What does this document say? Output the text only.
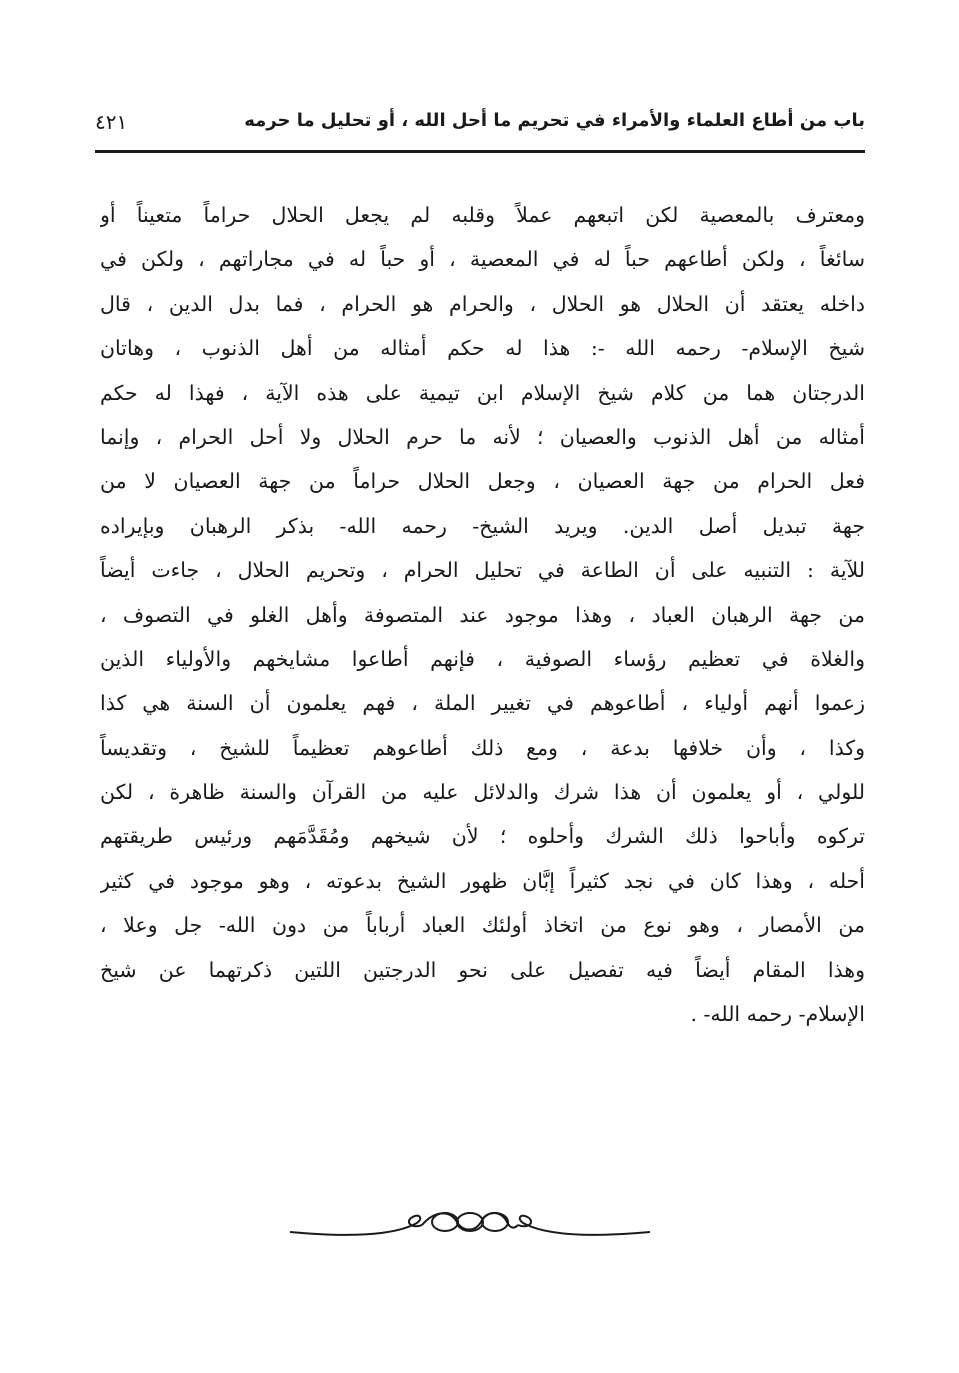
باب من أطاع العلماء والأمراء في تحريم ما أحل الله ، أو تحليل ما حرمه
٤٢١
ومعترف بالمعصية لكن اتبعهم عملاً وقلبه لم يجعل الحلال حراماً متعيناً أو
سائغاً ، ولكن أطاعهم حباً له في المعصية ، أو حباً له في مجاراتهم ، ولكن في
داخله يعتقد أن الحلال هو الحلال ، والحرام هو الحرام ، فما بدل الدين ، قال
شيخ الإسلام- رحمه الله -: هذا له حكم أمثاله من أهل الذنوب ، وهاتان
الدرجتان هما من كلام شيخ الإسلام ابن تيمية على هذه الآية ، فهذا له حكم
أمثاله من أهل الذنوب والعصيان ؛ لأنه ما حرم الحلال ولا أحل الحرام ، وإنما
فعل الحرام من جهة العصيان ، وجعل الحلال حراماً من جهة العصيان لا من
جهة تبديل أصل الدين. ويريد الشيخ- رحمه الله- بذكر الرهبان وبإيراده
للآية : التنبيه على أن الطاعة في تحليل الحرام ، وتحريم الحلال ، جاءت أيضاً
من جهة الرهبان العباد ، وهذا موجود عند المتصوفة وأهل الغلو في التصوف ،
والغلاة في تعظيم رؤساء الصوفية ، فإنهم أطاعوا مشايخهم والأولياء الذين
زعموا أنهم أولياء ، أطاعوهم في تغيير الملة ، فهم يعلمون أن السنة هي كذا
وكذا ، وأن خلافها بدعة ، ومع ذلك أطاعوهم تعظيماً للشيخ ، وتقديساً
للولي ، أو يعلمون أن هذا شرك والدلائل عليه من القرآن والسنة ظاهرة ، لكن
تركوه وأباحوا ذلك الشرك وأحلوه ؛ لأن شيخهم ومُقَدَّمَهم ورئيس طريقتهم
أحله ، وهذا كان في نجد كثيراً إبَّان ظهور الشيخ بدعوته ، وهو موجود في كثير
من الأمصار ، وهو نوع من اتخاذ أولئك العباد أرباباً من دون الله- جل وعلا ،
وهذا المقام أيضاً فيه تفصيل على نحو الدرجتين اللتين ذكرتهما عن شيخ
الإسلام- رحمه الله- .
